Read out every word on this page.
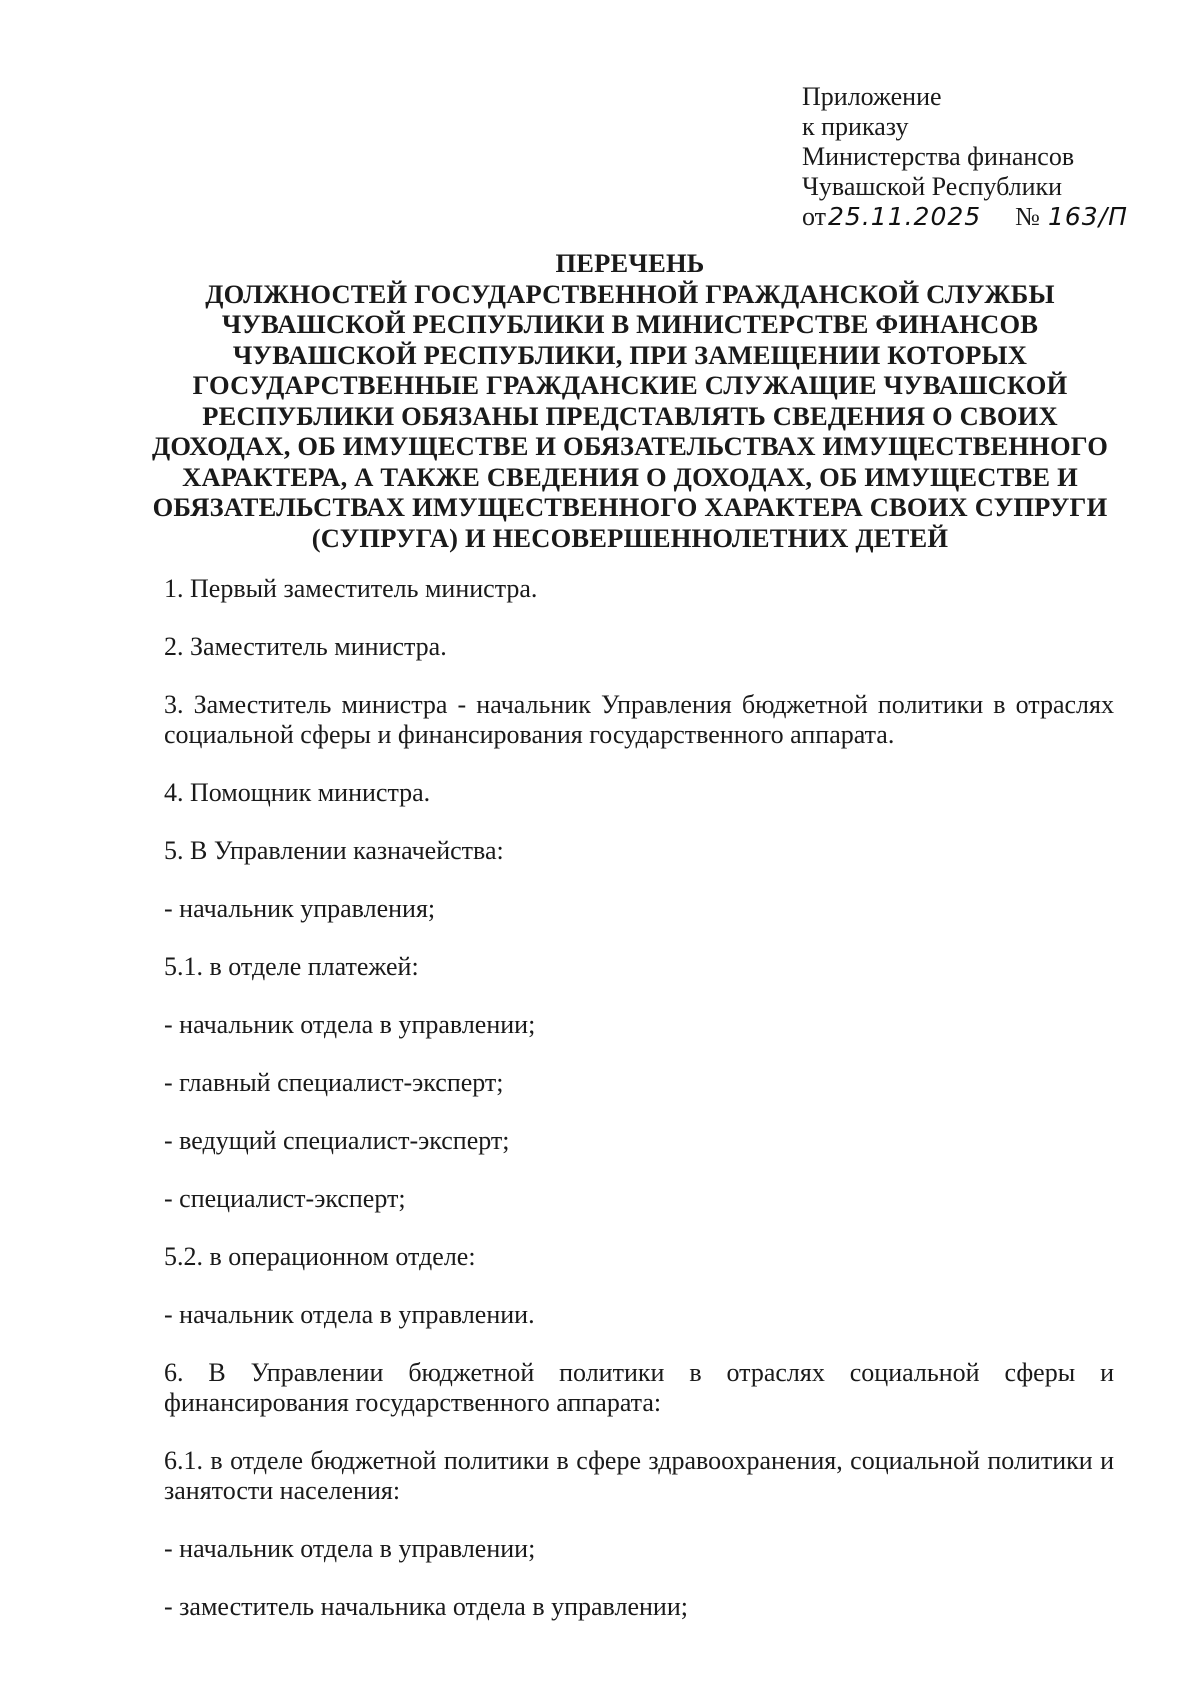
Приложение
к приказу
Министерства финансов
Чувашской Республики
от25.11.2025 № 163/П
ПЕРЕЧЕНЬ
ДОЛЖНОСТЕЙ ГОСУДАРСТВЕННОЙ ГРАЖДАНСКОЙ СЛУЖБЫ
ЧУВАШСКОЙ РЕСПУБЛИКИ В МИНИСТЕРСТВЕ ФИНАНСОВ
ЧУВАШСКОЙ РЕСПУБЛИКИ, ПРИ ЗАМЕЩЕНИИ КОТОРЫХ
ГОСУДАРСТВЕННЫЕ ГРАЖДАНСКИЕ СЛУЖАЩИЕ ЧУВАШСКОЙ
РЕСПУБЛИКИ ОБЯЗАНЫ ПРЕДСТАВЛЯТЬ СВЕДЕНИЯ О СВОИХ
ДОХОДАХ, ОБ ИМУЩЕСТВЕ И ОБЯЗАТЕЛЬСТВАХ ИМУЩЕСТВЕННОГО
ХАРАКТЕРА, А ТАКЖЕ СВЕДЕНИЯ О ДОХОДАХ, ОБ ИМУЩЕСТВЕ И
ОБЯЗАТЕЛЬСТВАХ ИМУЩЕСТВЕННОГО ХАРАКТЕРА СВОИХ СУПРУГИ
(СУПРУГА) И НЕСОВЕРШЕННОЛЕТНИХ ДЕТЕЙ
1. Первый заместитель министра.
2. Заместитель министра.
3. Заместитель министра - начальник Управления бюджетной политики в отраслях социальной сферы и финансирования государственного аппарата.
4. Помощник министра.
5. В Управлении казначейства:
- начальник управления;
5.1. в отделе платежей:
- начальник отдела в управлении;
- главный специалист-эксперт;
- ведущий специалист-эксперт;
- специалист-эксперт;
5.2. в операционном отделе:
- начальник отдела в управлении.
6. В Управлении бюджетной политики в отраслях социальной сферы и финансирования государственного аппарата:
6.1. в отделе бюджетной политики в сфере здравоохранения, социальной политики и занятости населения:
- начальник отдела в управлении;
- заместитель начальника отдела в управлении;
